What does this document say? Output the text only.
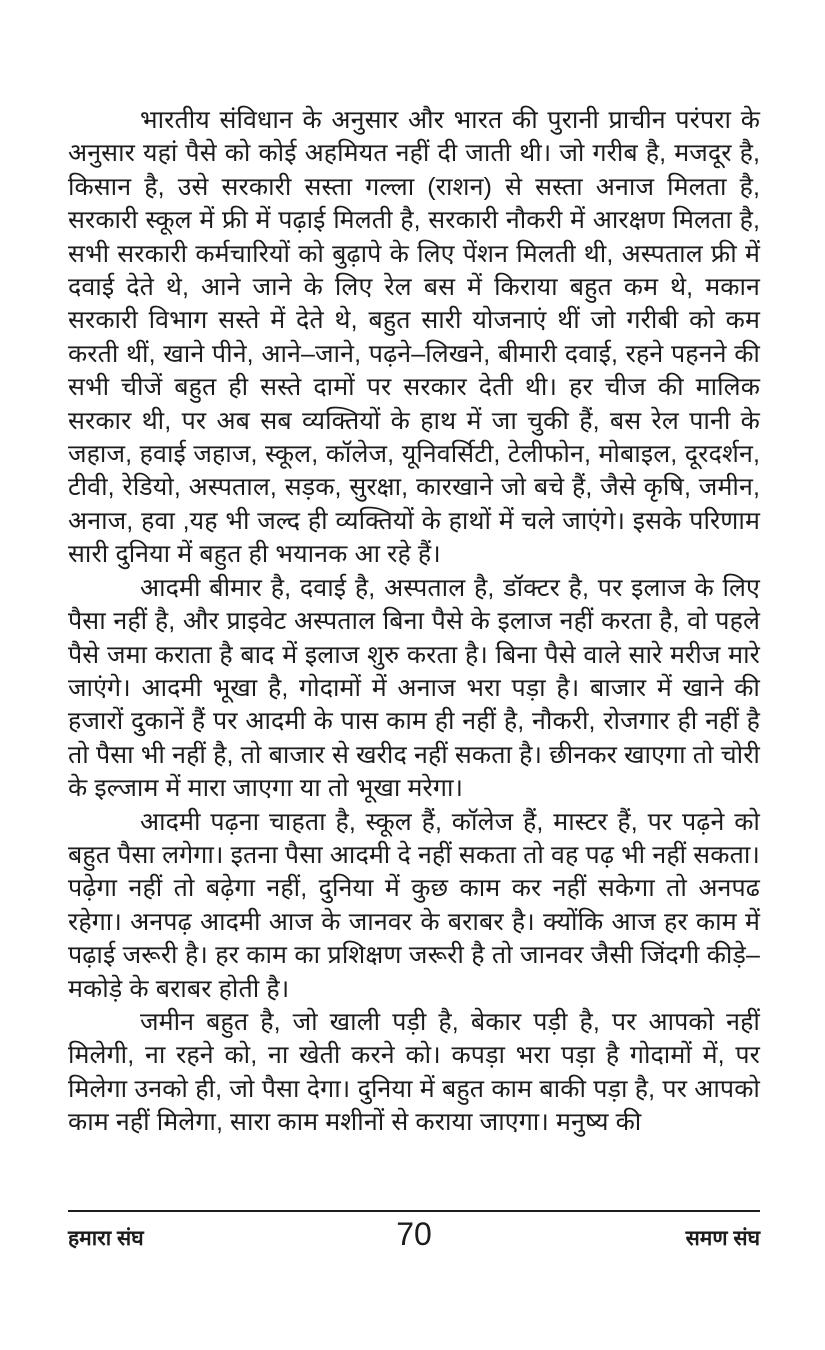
भारतीय संविधान के अनुसार और भारत की पुरानी प्राचीन परंपरा के अनुसार यहां पैसे को कोई अहमियत नहीं दी जाती थी। जो गरीब है, मजदूर है, किसान है, उसे सरकारी सस्ता गल्ला (राशन) से सस्ता अनाज मिलता है, सरकारी स्कूल में फ्री में पढ़ाई मिलती है, सरकारी नौकरी में आरक्षण मिलता है, सभी सरकारी कर्मचारियों को बुढ़ापे के लिए पेंशन मिलती थी, अस्पताल फ्री में दवाई देते थे, आने जाने के लिए रेल बस में किराया बहुत कम थे, मकान सरकारी विभाग सस्ते में देते थे, बहुत सारी योजनाएं थीं जो गरीबी को कम करती थीं, खाने पीने, आने–जाने, पढ़ने–लिखने, बीमारी दवाई, रहने पहनने की सभी चीजें बहुत ही सस्ते दामों पर सरकार देती थी। हर चीज की मालिक सरकार थी, पर अब सब व्यक्तियों के हाथ में जा चुकी हैं, बस रेल पानी के जहाज, हवाई जहाज, स्कूल, कॉलेज, यूनिवर्सिटी, टेलीफोन, मोबाइल, दूरदर्शन, टीवी, रेडियो, अस्पताल, सड़क, सुरक्षा, कारखाने जो बचे हैं, जैसे कृषि, जमीन, अनाज, हवा ,यह भी जल्द ही व्यक्तियों के हाथों में चले जाएंगे। इसके परिणाम सारी दुनिया में बहुत ही भयानक आ रहे हैं।

आदमी बीमार है, दवाई है, अस्पताल है, डॉक्टर है, पर इलाज के लिए पैसा नहीं है, और प्राइवेट अस्पताल बिना पैसे के इलाज नहीं करता है, वो पहले पैसे जमा कराता है बाद में इलाज शुरु करता है। बिना पैसे वाले सारे मरीज मारे जाएंगे। आदमी भूखा है, गोदामों में अनाज भरा पड़ा है। बाजार में खाने की हजारों दुकानें हैं पर आदमी के पास काम ही नहीं है, नौकरी, रोजगार ही नहीं है तो पैसा भी नहीं है, तो बाजार से खरीद नहीं सकता है। छीनकर खाएगा तो चोरी के इल्जाम में मारा जाएगा या तो भूखा मरेगा।

आदमी पढ़ना चाहता है, स्कूल हैं, कॉलेज हैं, मास्टर हैं, पर पढ़ने को बहुत पैसा लगेगा। इतना पैसा आदमी दे नहीं सकता तो वह पढ़ भी नहीं सकता। पढ़ेगा नहीं तो बढ़ेगा नहीं, दुनिया में कुछ काम कर नहीं सकेगा तो अनपढ रहेगा। अनपढ़ आदमी आज के जानवर के बराबर है। क्योंकि आज हर काम में पढ़ाई जरूरी है। हर काम का प्रशिक्षण जरूरी है तो जानवर जैसी जिंदगी कीड़े–मकोड़े के बराबर होती है।

जमीन बहुत है, जो खाली पड़ी है, बेकार पड़ी है, पर आपको नहीं मिलेगी, ना रहने को, ना खेती करने को। कपड़ा भरा पड़ा है गोदामों में, पर मिलेगा उनको ही, जो पैसा देगा। दुनिया में बहुत काम बाकी पड़ा है, पर आपको काम नहीं मिलेगा, सारा काम मशीनों से कराया जाएगा। मनुष्य की

हमारा संघ	70	समण संघ
